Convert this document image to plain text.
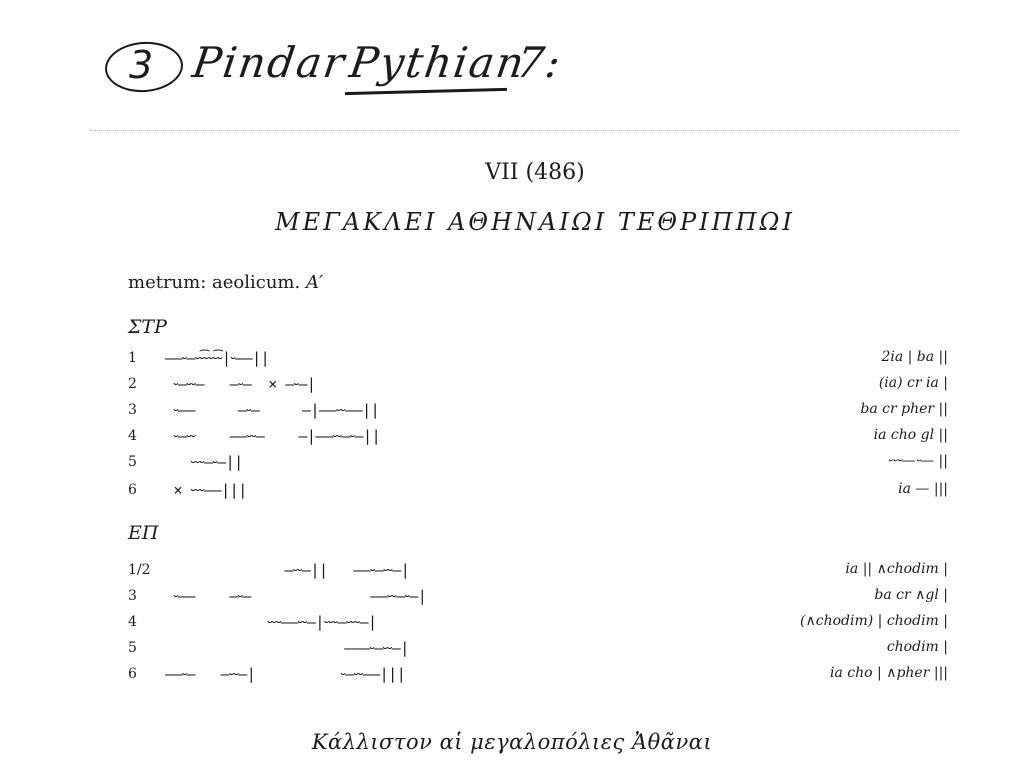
3 Pindar
Pythian
7:
VII (486)
ΜΕΓΑΚΛΕΙ ΑΘΗΝΑΙΩΙ ΤΕΘΡΙΠΠΩΙ
metrum: aeolicum. A′
ΣΤΡ
1 ——⏑—⏑⏑͡⏑⏑⏑͡⏑|⏑——||	2ia | ba ||
2 ⏑—⏑⏑—   —⏑—  × —⏑—|	(ia) cr ia |
3 ⏑——     —⏑—     —|——⏑⏑——||	ba cr pher ||
4 ⏑—⏑⏑    ——⏑⏑—    —|——⏑⏑—⏑—||	ia cho gl ||
5 ⏑⏑⏑—⏑—||	⏑⏑⏑—⏑— ||
6 × ⏑⏑⏑——|||	ia — |||
ΕΠ
1/2 —⏑⏑—||   ——⏑—⏑⏑—|	ia || ∧chodim |
3 ⏑——    —⏑—              ——⏑⏑—⏑—|	ba cr ∧gl |
4 ⏑⏑⏑——⏑⏑—|⏑⏑⏑—⏑⏑⏑—|	(∧chodim) | chodim |
5 ———⏑—⏑⏑—|	chodim |
6 ——⏑—   —⏑⏑—|          ⏑—⏑⏑——|||	ia cho | ∧pher |||
Κάλλιστον αἱ μεγαλοπόλιες Ἀθᾶναι
